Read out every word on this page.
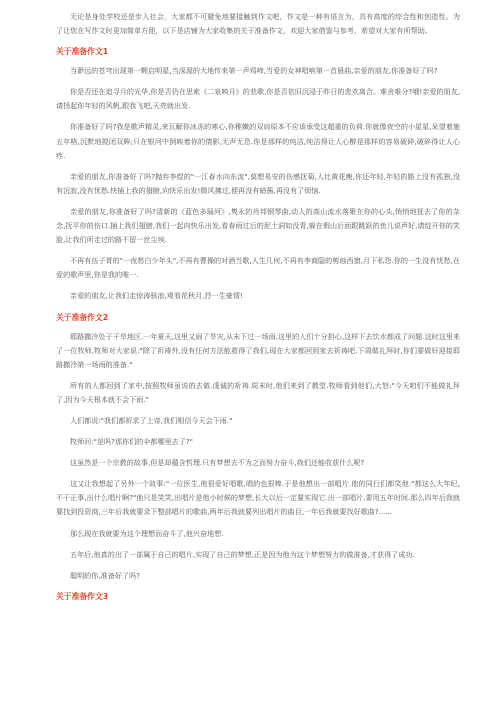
无论是身处学校还是步入社会，大家都不可避免地要接触到作文吧，作文是一种有语言为，具有高度的综合性和创造性。为了让您在写作文时更加简单方便，以下是店铺为大家收集的关于准备作文，欢迎大家借鉴与参考，希望对大家有所帮助。

关于准备作文1

当渺远的苍穹出现第一颗启明星,当深渥的大地传来第一声鸡啼,当爱的女神唱响第一首晨曲,亲爱的朋友,你准备好了吗?

你是否还在追寻月的光华,你是否仍在思索《二泉映月》的悲歌,你是否依旧沉浸于昨日的悲欢离合。难舍难分?哦!亲爱的朋友,请扬起你年轻的风帆,跟我飞吧,天亮就出发.

你准备好了吗?我是歌声精灵,来瓦解你冰冻的寒心,你稚嫩的双肩原本不应该承受这超重的负荷.你就像夜空的小星星,呆望着施五年格,沉默地搅闭双眸;只在银河中倒映着你的倩影,无声无息.你是那样的纯洁,纯洁得让人心醉是那样的容易破碎,破碎得让人心疼.

亲爱的朋友,你准备好了吗?抛弃李煜的"一江春水向东流",莫想易安的伤感抚菊,人比黄花瘦,你还年轻,年轻的路上没有孤独,没有沉寂,没有忧愁.快插上我的翅膀,向快乐出发!微风拂过,便再没有暗酱,再没有了烦恼.

亲爱的朋友,你准备好了吗?清新的《蓝色多瑙河》,隽永的肖邦钢琴曲,动人的高山流水落聚在你的心头,悄悄地抚去了你的杂念,抚平你的伤口.插上我们翅膀,我们一起向快乐出发,看春雨过后的泥土洞如没青,躲在假山后面跟跳跃的鱼儿说声好,请绽开你的笑脸,让我们所走过的路不留一丝尘埃.

不再有伍子胥的"一夜愁白少年头",不再有曹操的对酒当歌,人生几何,不再有李商隐的剪烛西窗,月下私怨.你的一生没有忧愁,在爱的歌声里,你是我的唯一.

亲爱的朋友,让我们走惊涛骇浪,观看花秋月,抒一生豪情!

关于准备作文2

耶路撒冷处于干旱地区.一年夏天,这里又闹了旱灾,从未下过一场雨.这里的人们十分担心,这样下去饮水都成了问题.这时这里来了一位牧师,牧师对大家说:"除了祈祷外,没有任何方法能救得了我们,现在大家都回到家去祈祷吧.下周做礼拜时,你们要做好迎接耶路撒冷第一场雨的准备."

所有的人都回到了家中,按照牧师虽说的去做.虔诚的祈祷.周末时,他们来到了教堂.牧师看到他们,大怒:"今天咱们不能做礼拜了,因为今天根本就不会下雨."

人们都说:"我们都祈求了上帝,我们相信今天会下雨."

牧师问:"是吗?那你们的伞都哪里去了?"

这虽然是一个宗教的故事,但是却蕴含哲理.只有梦想去不为之而努力奋斗,我们还能收获什么呢?

这又让我想起了另外一个故事:"一位医生,他很爱好唱歌,唱的也很棒.于是他想出一部唱片.他的同行们都笑他:"都这么大年纪,不干正事,出什么唱片啊?"他只是笑笑,出唱片是他小时候的梦想,长大以后一定要实现它.出一部唱片,要用五年时间.那么四年后我就要找到投资商,三年后我就要录下整部唱片的歌曲,两年后我就要列出唱片的曲目,一年后我就要找好歌曲?......

那么现在我就要为这个理想而奋斗了,他兴奋地想.

五年后,他真的出了一部属于自己的唱片,实现了自己的梦想,正是因为他为这个梦想努力的做准备,才获得了成功.

聪明的你,准备好了吗?

关于准备作文3
